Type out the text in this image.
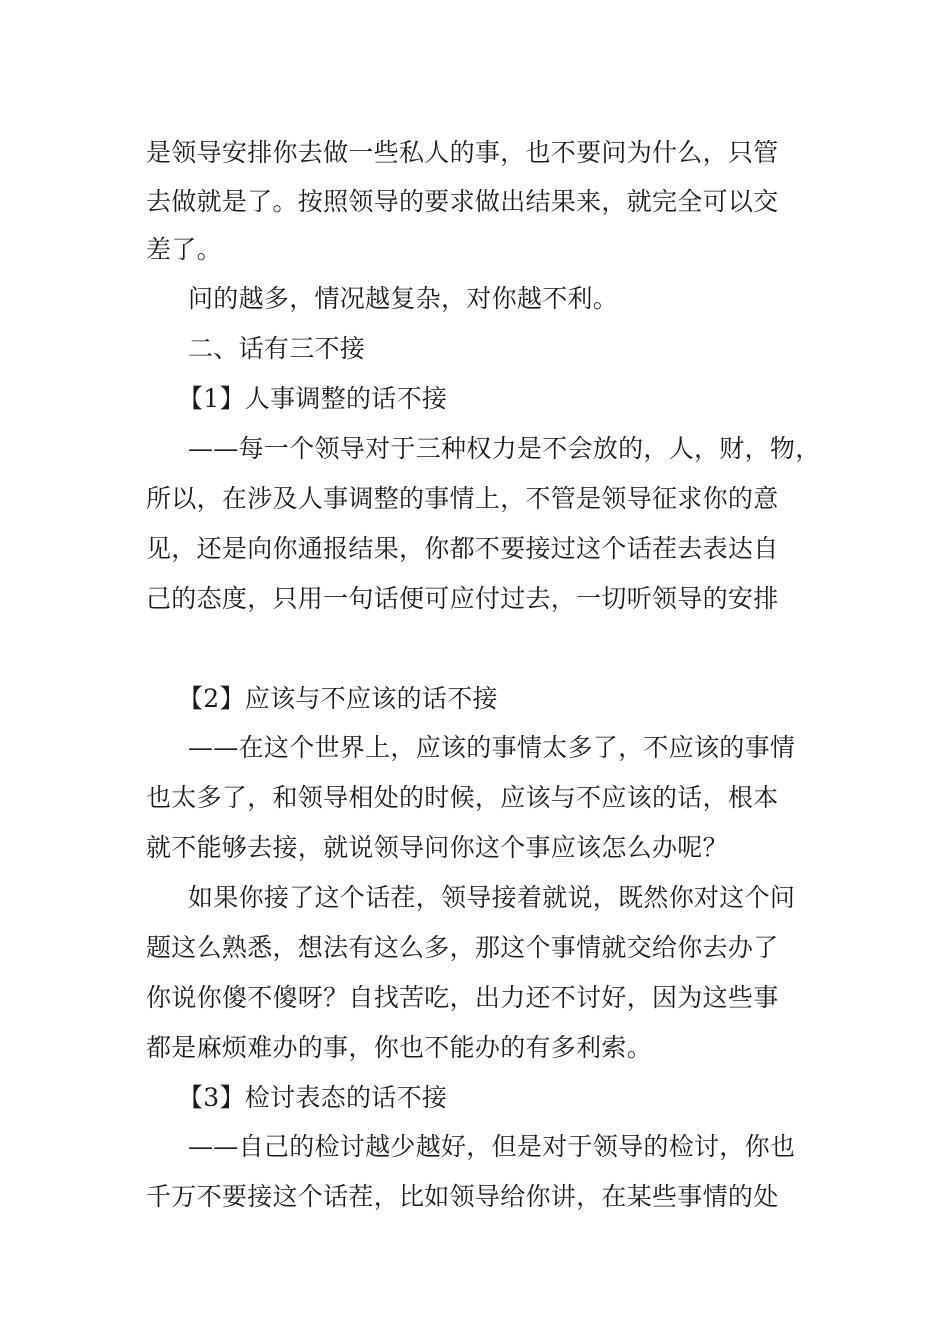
是领导安排你去做一些私人的事，也不要问为什么，只管
去做就是了。按照领导的要求做出结果来，就完全可以交
差了。
问的越多，情况越复杂，对你越不利。
二、话有三不接
【1】人事调整的话不接
——每一个领导对于三种权力是不会放的，人，财，物，
所以，在涉及人事调整的事情上，不管是领导征求你的意
见，还是向你通报结果，你都不要接过这个话茬去表达自
己的态度，只用一句话便可应付过去，一切听领导的安排
【2】应该与不应该的话不接
——在这个世界上，应该的事情太多了，不应该的事情
也太多了，和领导相处的时候，应该与不应该的话，根本
就不能够去接，就说领导问你这个事应该怎么办呢？
如果你接了这个话茬，领导接着就说，既然你对这个问
题这么熟悉，想法有这么多，那这个事情就交给你去办了
你说你傻不傻呀？自找苦吃，出力还不讨好，因为这些事
都是麻烦难办的事，你也不能办的有多利索。
【3】检讨表态的话不接
——自己的检讨越少越好，但是对于领导的检讨，你也
千万不要接这个话茬，比如领导给你讲，在某些事情的处
